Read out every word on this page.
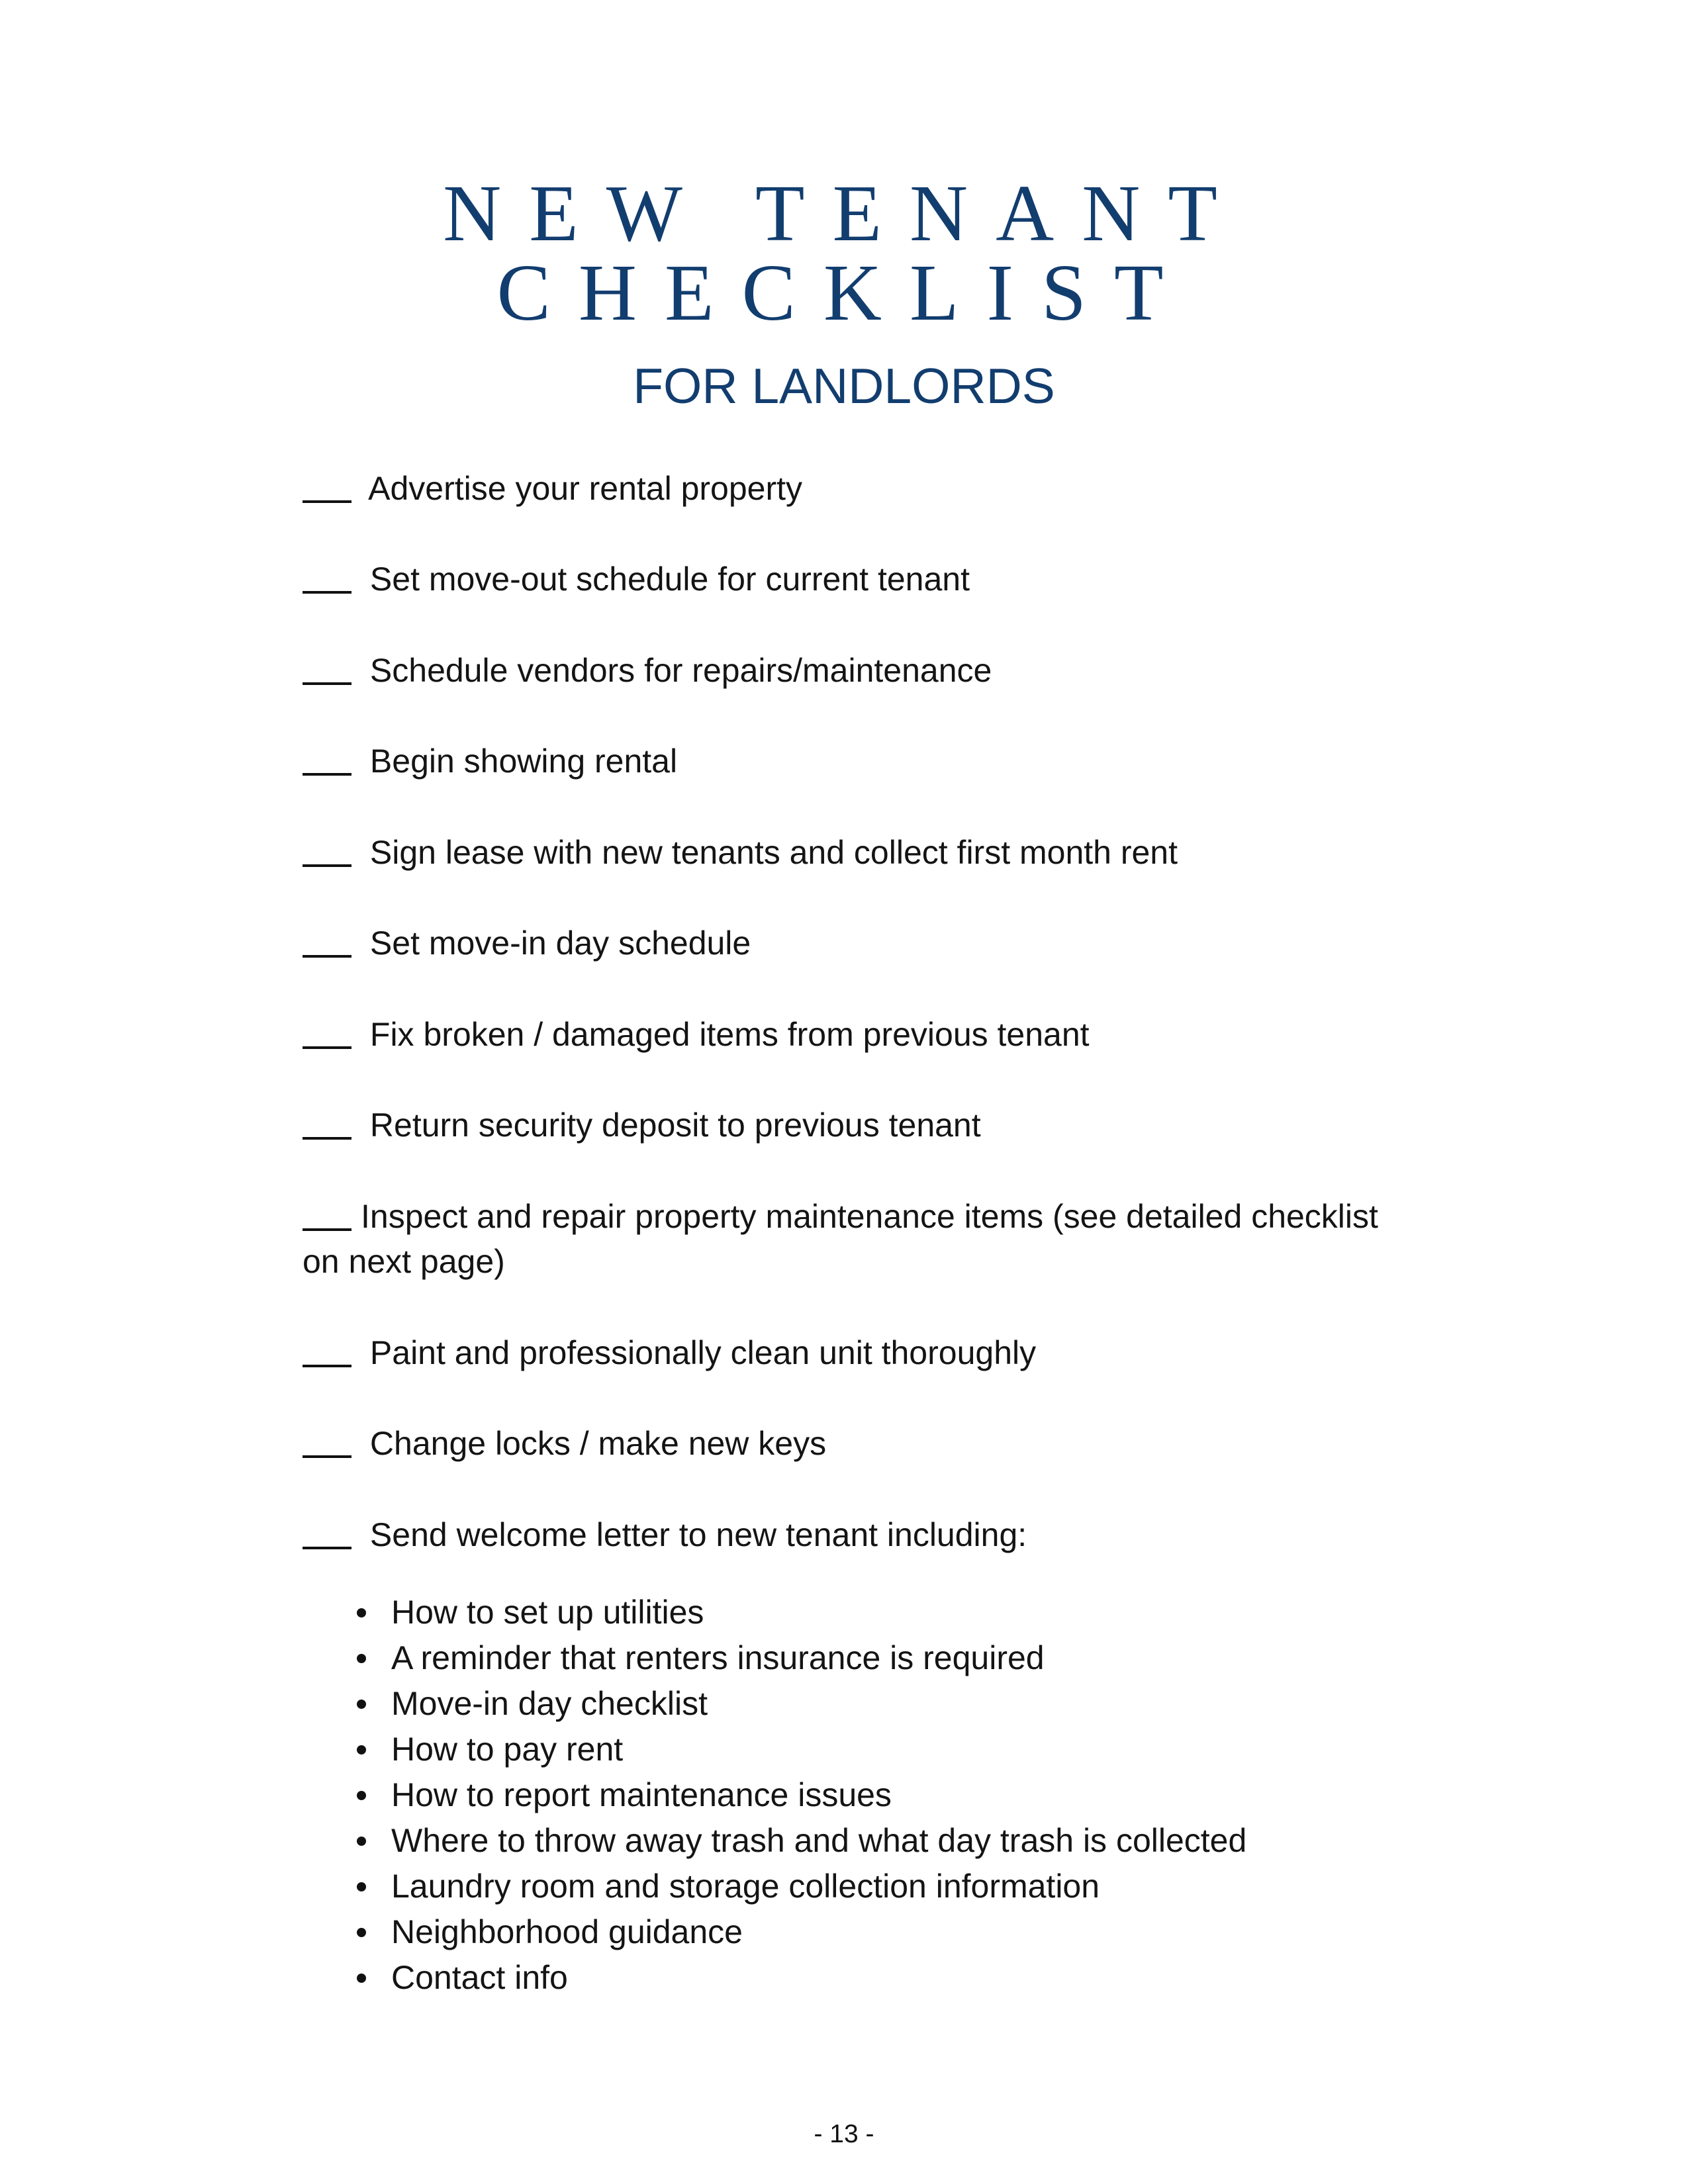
NEW TENANT
CHECKLIST
FOR LANDLORDS
Advertise your rental property
Set move-out schedule for current tenant
Schedule vendors for repairs/maintenance
Begin showing rental
Sign lease with new tenants and collect first month rent
Set move-in day schedule
Fix broken / damaged items from previous tenant
Return security deposit to previous tenant
Inspect and repair property maintenance items (see detailed checklist on next page)
Paint and professionally clean unit thoroughly
Change locks / make new keys
Send welcome letter to new tenant including:
How to set up utilities
A reminder that renters insurance is required
Move-in day checklist
How to pay rent
How to report maintenance issues
Where to throw away trash and what day trash is collected
Laundry room and storage collection information
Neighborhood guidance
Contact info
- 13 -
